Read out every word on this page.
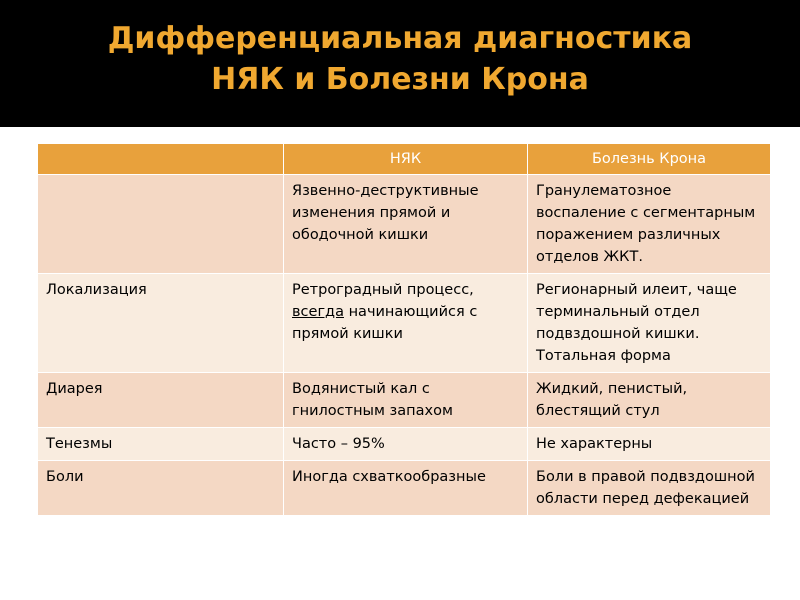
Дифференциальная диагностика
НЯК и Болезни Крона
	НЯК	Болезнь Крона
	Язвенно-деструктивные изменения прямой и ободочной кишки	Гранулематозное воспаление с сегментарным поражением различных отделов ЖКТ.
Локализация	Ретроградный процесс, всегда начинающийся с прямой кишки	Регионарный илеит, чаще терминальный отдел подвздошной кишки. Тотальная форма
Диарея	Водянистый кал с гнилостным запахом	Жидкий, пенистый, блестящий стул
Тенезмы	Часто – 95%	Не характерны
Боли	Иногда схваткообразные	Боли в правой подвздошной области перед дефекацией
